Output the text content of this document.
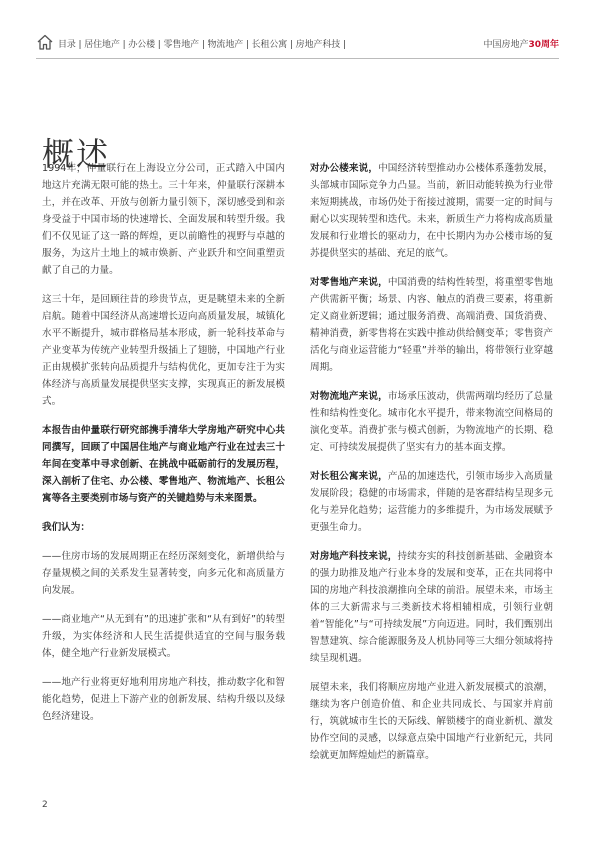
目录 | 居住地产 | 办公楼 | 零售地产 | 物流地产 | 长租公寓 | 房地产科技 |	中国房地产30周年
概述

1994年，仲量联行在上海设立分公司，正式踏入中国内地这片充满无限可能的热土。三十年来，仲量联行深耕本土，并在改革、开放与创新力量引领下，深切感受到和亲身受益于中国市场的快速增长、全面发展和转型升级。我们不仅见证了这一路的辉煌，更以前瞻性的视野与卓越的服务，为这片土地上的城市焕新、产业跃升和空间重塑贡献了自己的力量。

这三十年，是回顾往昔的珍贵节点，更是眺望未来的全新启航。随着中国经济从高速增长迈向高质量发展，城镇化水平不断提升，城市群格局基本形成，新一轮科技革命与产业变革为传统产业转型升级插上了翅膀，中国地产行业正由规模扩张转向品质提升与结构优化，更加专注于为实体经济与高质量发展提供坚实支撑，实现真正的新发展模式。

本报告由仲量联行研究部携手清华大学房地产研究中心共同撰写，回顾了中国居住地产与商业地产行业在过去三十年间在变革中寻求创新、在挑战中砥砺前行的发展历程，深入剖析了住宅、办公楼、零售地产、物流地产、长租公寓等各主要类别市场与资产的关键趋势与未来图景。

我们认为：

——住房市场的发展周期正在经历深刻变化，新增供给与存量规模之间的关系发生显著转变，向多元化和高质量方向发展。

——商业地产“从无到有”的迅速扩张和“从有到好”的转型升级，为实体经济和人民生活提供适宜的空间与服务载体，健全地产行业新发展模式。

——地产行业将更好地利用房地产科技，推动数字化和智能化趋势，促进上下游产业的创新发展、结构升级以及绿色经济建设。

对办公楼来说，中国经济转型推动办公楼体系蓬勃发展，头部城市国际竞争力凸显。当前，新旧动能转换为行业带来短期挑战，市场仍处于衔接过渡期，需要一定的时间与耐心以实现转型和迭代。未来，新质生产力将构成高质量发展和行业增长的驱动力，在中长期内为办公楼市场的复苏提供坚实的基础、充足的底气。

对零售地产来说，中国消费的结构性转型，将重塑零售地产供需新平衡；场景、内容、触点的消费三要素，将重新定义商业新逻辑；通过服务消费、高端消费、国货消费、精神消费，新零售将在实践中推动供给侧变革；零售资产活化与商业运营能力“轻重”并举的输出，将带领行业穿越周期。

对物流地产来说，市场承压波动，供需两端均经历了总量性和结构性变化。城市化水平提升，带来物流空间格局的演化变革。消费扩张与模式创新，为物流地产的长期、稳定、可持续发展提供了坚实有力的基本面支撑。

对长租公寓来说，产品的加速迭代，引领市场步入高质量发展阶段；稳健的市场需求，伴随的是客群结构呈现多元化与差异化趋势；运营能力的多维提升，为市场发展赋予更强生命力。

对房地产科技来说，持续夯实的科技创新基础、金融资本的强力助推及地产行业本身的发展和变革，正在共同将中国的房地产科技浪潮推向全球的前沿。展望未来，市场主体的三大新需求与三类新技术将相辅相成，引领行业朝着“智能化”与“可持续发展”方向迈进。同时，我们甄别出智慧建筑、综合能源服务及人机协同等三大细分领域将持续呈现机遇。

展望未来，我们将顺应房地产业进入新发展模式的浪潮，继续为客户创造价值、和企业共同成长、与国家并肩前行，筑就城市生长的天际线、解锁楼宇的商业新机、激发协作空间的灵感，以绿意点染中国地产行业新纪元，共同绘就更加辉煌灿烂的新篇章。

2
